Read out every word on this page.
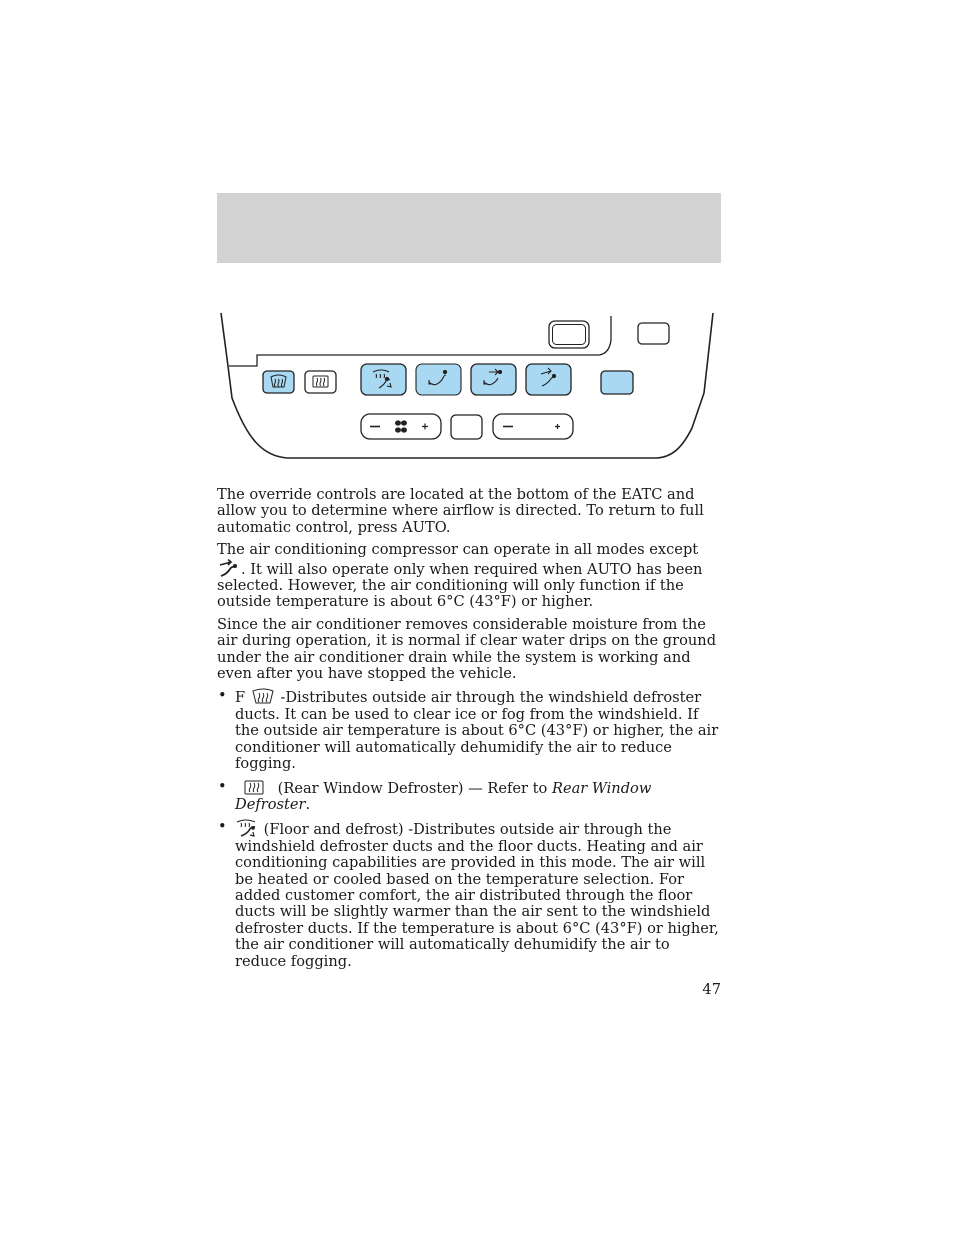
The override controls are located at the bottom of the EATC and allow you to determine where airflow is directed. To return to full automatic control, press AUTO.

The air conditioning compressor can operate in all modes except . It will also operate only when required when AUTO has been selected. However, the air conditioning will only function if the outside temperature is about 6°C (43°F) or higher.

Since the air conditioner removes considerable moisture from the air during operation, it is normal if clear water drips on the ground under the air conditioner drain while the system is working and even after you have stopped the vehicle.

• F -Distributes outside air through the windshield defroster ducts. It can be used to clear ice or fog from the windshield. If the outside air temperature is about 6°C (43°F) or higher, the air conditioner will automatically dehumidify the air to reduce fogging.
•	(Rear Window Defroster) — Refer to Rear Window Defroster.
•	(Floor and defrost) -Distributes outside air through the windshield defroster ducts and the floor ducts. Heating and air conditioning capabilities are provided in this mode. The air will be heated or cooled based on the temperature selection. For added customer comfort, the air distributed through the floor ducts will be slightly warmer than the air sent to the windshield defroster ducts. If the temperature is about 6°C (43°F) or higher, the air conditioner will automatically dehumidify the air to reduce fogging.
47
